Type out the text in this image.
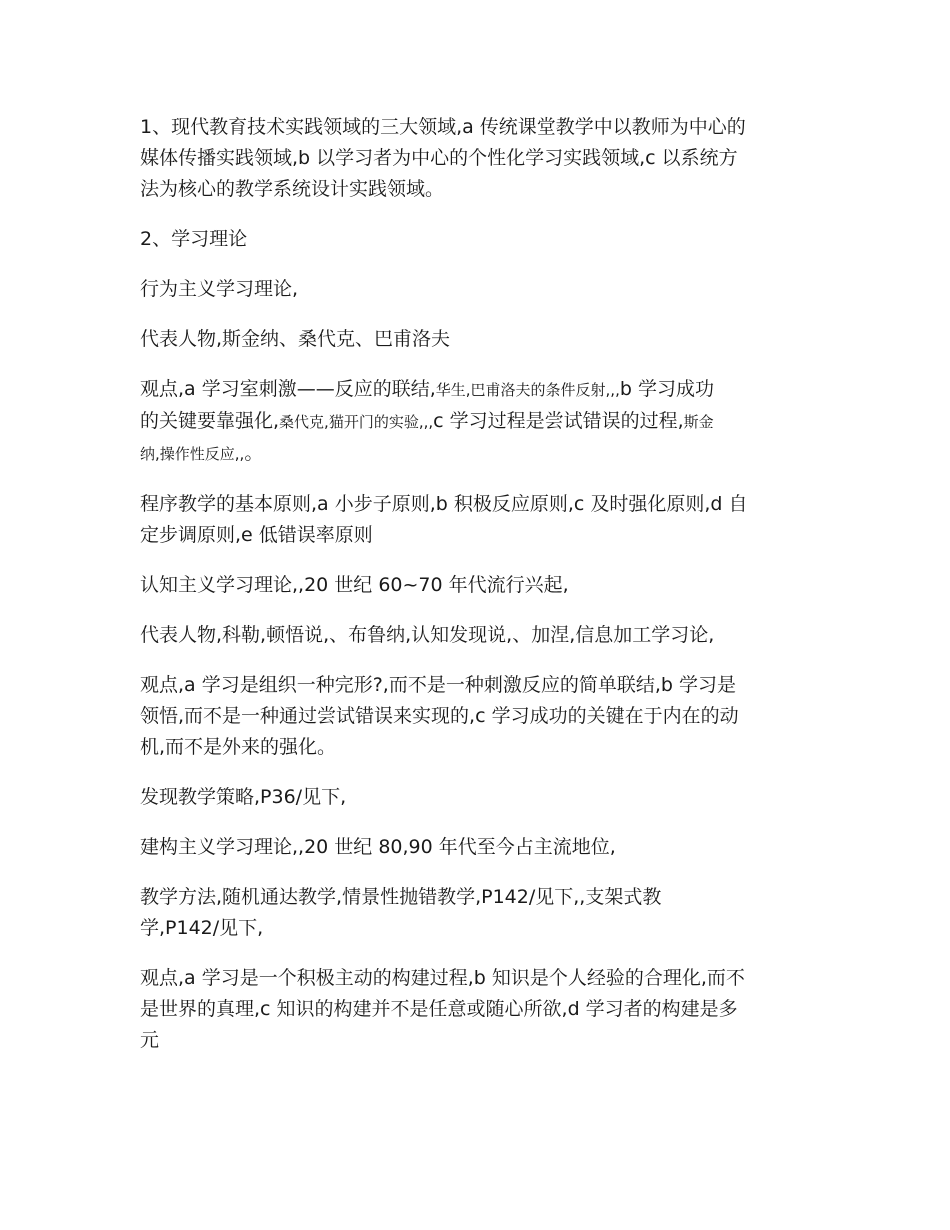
1、现代教育技术实践领域的三大领域,a 传统课堂教学中以教师为中心的
媒体传播实践领域,b 以学习者为中心的个性化学习实践领域,c 以系统方
法为核心的教学系统设计实践领域。

2、学习理论

行为主义学习理论,

代表人物,斯金纳、桑代克、巴甫洛夫

观点,a 学习室刺激——反应的联结,华生,巴甫洛夫的条件反射,,,b 学习成功
的关键要靠强化,桑代克,猫开门的实验,,,c 学习过程是尝试错误的过程,斯金
纳,操作性反应,,。

程序教学的基本原则,a 小步子原则,b 积极反应原则,c 及时强化原则,d 自
定步调原则,e 低错误率原则

认知主义学习理论,,20 世纪 60~70 年代流行兴起,

代表人物,科勒,顿悟说,、布鲁纳,认知发现说,、加涅,信息加工学习论,

观点,a 学习是组织一种完形?,而不是一种刺激反应的简单联结,b 学习是
领悟,而不是一种通过尝试错误来实现的,c 学习成功的关键在于内在的动
机,而不是外来的强化。

发现教学策略,P36/见下,

建构主义学习理论,,20 世纪 80,90 年代至今占主流地位,

教学方法,随机通达教学,情景性抛错教学,P142/见下,,支架式教
学,P142/见下,

观点,a 学习是一个积极主动的构建过程,b 知识是个人经验的合理化,而不
是世界的真理,c 知识的构建并不是任意或随心所欲,d 学习者的构建是多
元
